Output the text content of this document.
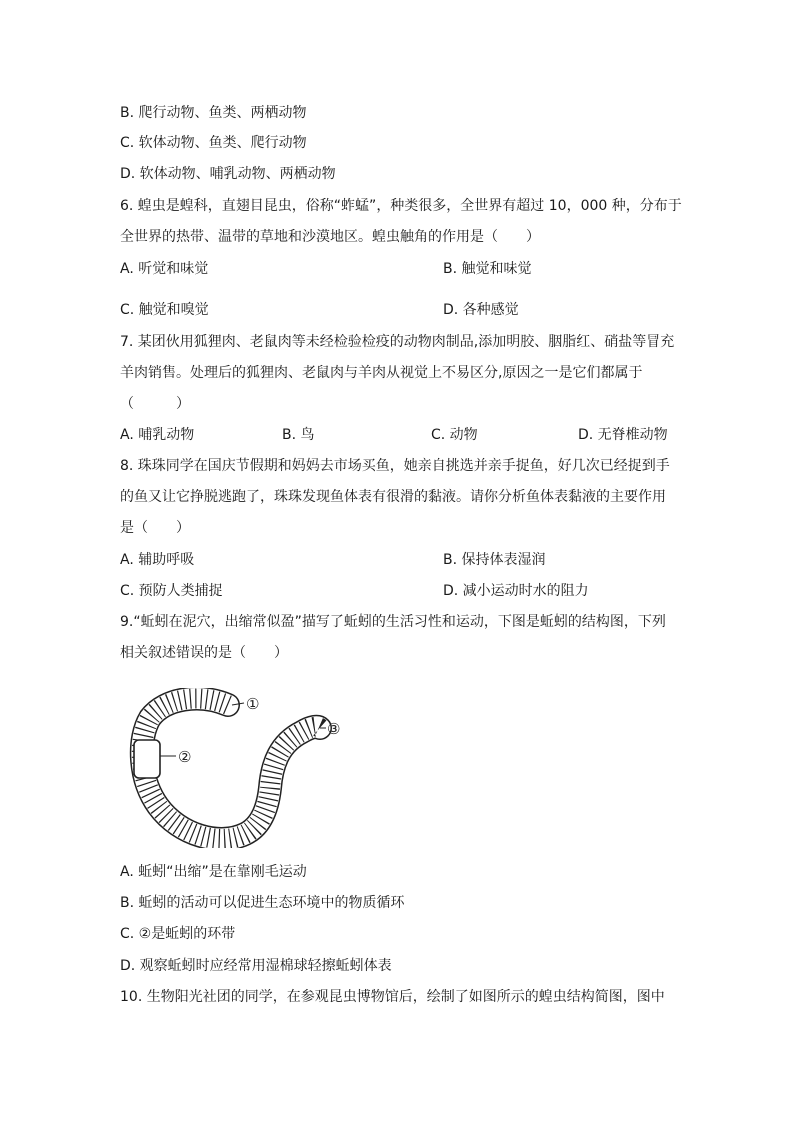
B. 爬行动物、鱼类、两栖动物
C. 软体动物、鱼类、爬行动物
D. 软体动物、哺乳动物、两栖动物
6. 蝗虫是蝗科，直翅目昆虫，俗称“蚱蜢”，种类很多，全世界有超过 10，000 种，分布于
全世界的热带、温带的草地和沙漠地区。蝗虫触角的作用是（　　）
A. 听觉和味觉	B. 触觉和味觉
C. 触觉和嗅觉	D. 各种感觉
7. 某团伙用狐狸肉、老鼠肉等未经检验检疫的动物肉制品,添加明胶、胭脂红、硝盐等冒充
羊肉销售。处理后的狐狸肉、老鼠肉与羊肉从视觉上不易区分,原因之一是它们都属于
（　　　）
A. 哺乳动物	B. 鸟	C. 动物	D. 无脊椎动物
8. 珠珠同学在国庆节假期和妈妈去市场买鱼，她亲自挑选并亲手捉鱼，好几次已经捉到手
的鱼又让它挣脱逃跑了，珠珠发现鱼体表有很滑的黏液。请你分析鱼体表黏液的主要作用
是（　　）
A. 辅助呼吸	B. 保持体表湿润
C. 预防人类捕捉	D. 减小运动时水的阻力
9.“蚯蚓在泥穴，出缩常似盈”描写了蚯蚓的生活习性和运动，下图是蚯蚓的结构图，下列
相关叙述错误的是（　　）
①
②
③
A. 蚯蚓“出缩”是在靠刚毛运动
B. 蚯蚓的活动可以促进生态环境中的物质循环
C. ②是蚯蚓的环带
D. 观察蚯蚓时应经常用湿棉球轻擦蚯蚓体表
10. 生物阳光社团的同学，在参观昆虫博物馆后，绘制了如图所示的蝗虫结构简图，图中
